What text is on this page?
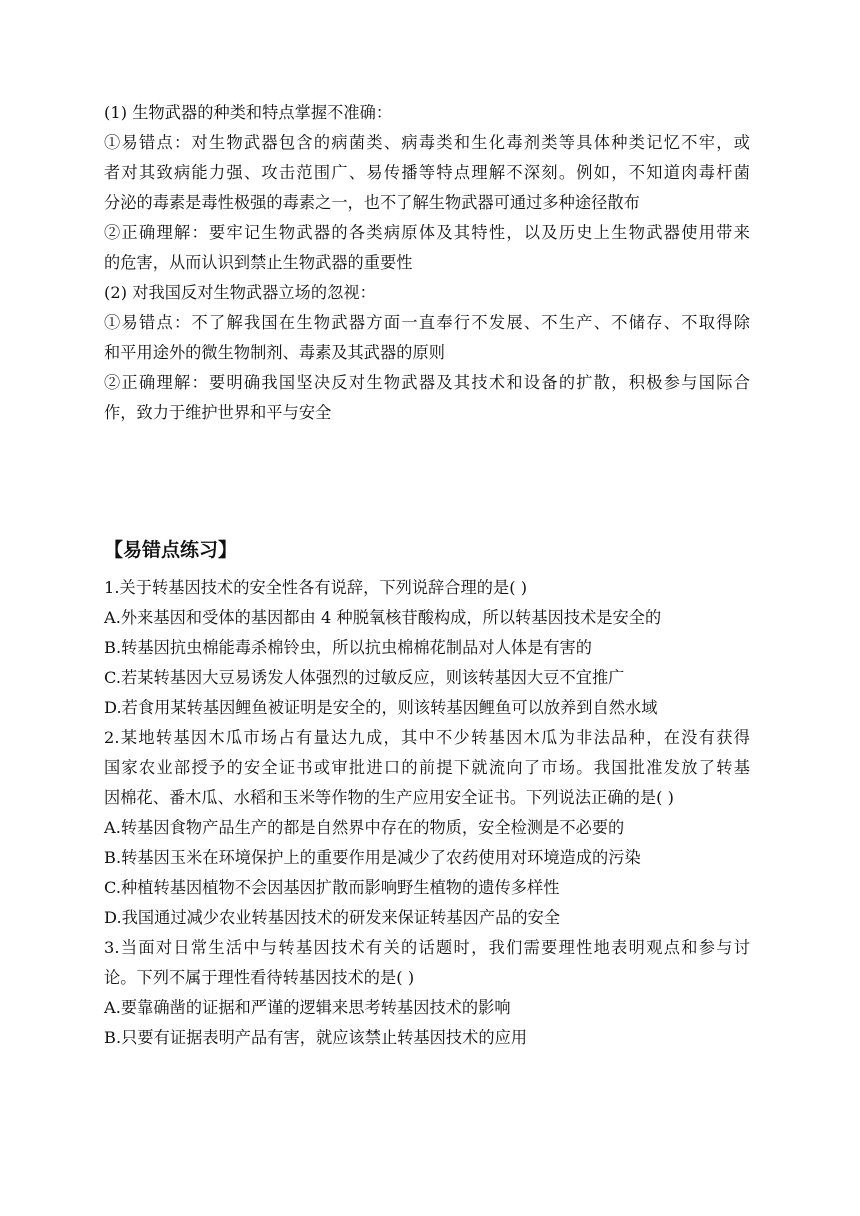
(1) 生物武器的种类和特点掌握不准确：
①易错点：对生物武器包含的病菌类、病毒类和生化毒剂类等具体种类记忆不牢，或
者对其致病能力强、攻击范围广、易传播等特点理解不深刻。例如，不知道肉毒杆菌
分泌的毒素是毒性极强的毒素之一，也不了解生物武器可通过多种途径散布
②正确理解：要牢记生物武器的各类病原体及其特性，以及历史上生物武器使用带来
的危害，从而认识到禁止生物武器的重要性
(2) 对我国反对生物武器立场的忽视：
①易错点：不了解我国在生物武器方面一直奉行不发展、不生产、不储存、不取得除
和平用途外的微生物制剂、毒素及其武器的原则
②正确理解：要明确我国坚决反对生物武器及其技术和设备的扩散，积极参与国际合
作，致力于维护世界和平与安全
【易错点练习】
1.关于转基因技术的安全性各有说辞，下列说辞合理的是( )
A.外来基因和受体的基因都由 4 种脱氧核苷酸构成，所以转基因技术是安全的
B.转基因抗虫棉能毒杀棉铃虫，所以抗虫棉棉花制品对人体是有害的
C.若某转基因大豆易诱发人体强烈的过敏反应，则该转基因大豆不宜推广
D.若食用某转基因鲤鱼被证明是安全的，则该转基因鲤鱼可以放养到自然水域
2.某地转基因木瓜市场占有量达九成，其中不少转基因木瓜为非法品种，在没有获得
国家农业部授予的安全证书或审批进口的前提下就流向了市场。我国批准发放了转基
因棉花、番木瓜、水稻和玉米等作物的生产应用安全证书。下列说法正确的是( )
A.转基因食物产品生产的都是自然界中存在的物质，安全检测是不必要的
B.转基因玉米在环境保护上的重要作用是减少了农药使用对环境造成的污染
C.种植转基因植物不会因基因扩散而影响野生植物的遗传多样性
D.我国通过减少农业转基因技术的研发来保证转基因产品的安全
3.当面对日常生活中与转基因技术有关的话题时，我们需要理性地表明观点和参与讨
论。下列不属于理性看待转基因技术的是( )
A.要靠确凿的证据和严谨的逻辑来思考转基因技术的影响
B.只要有证据表明产品有害，就应该禁止转基因技术的应用
